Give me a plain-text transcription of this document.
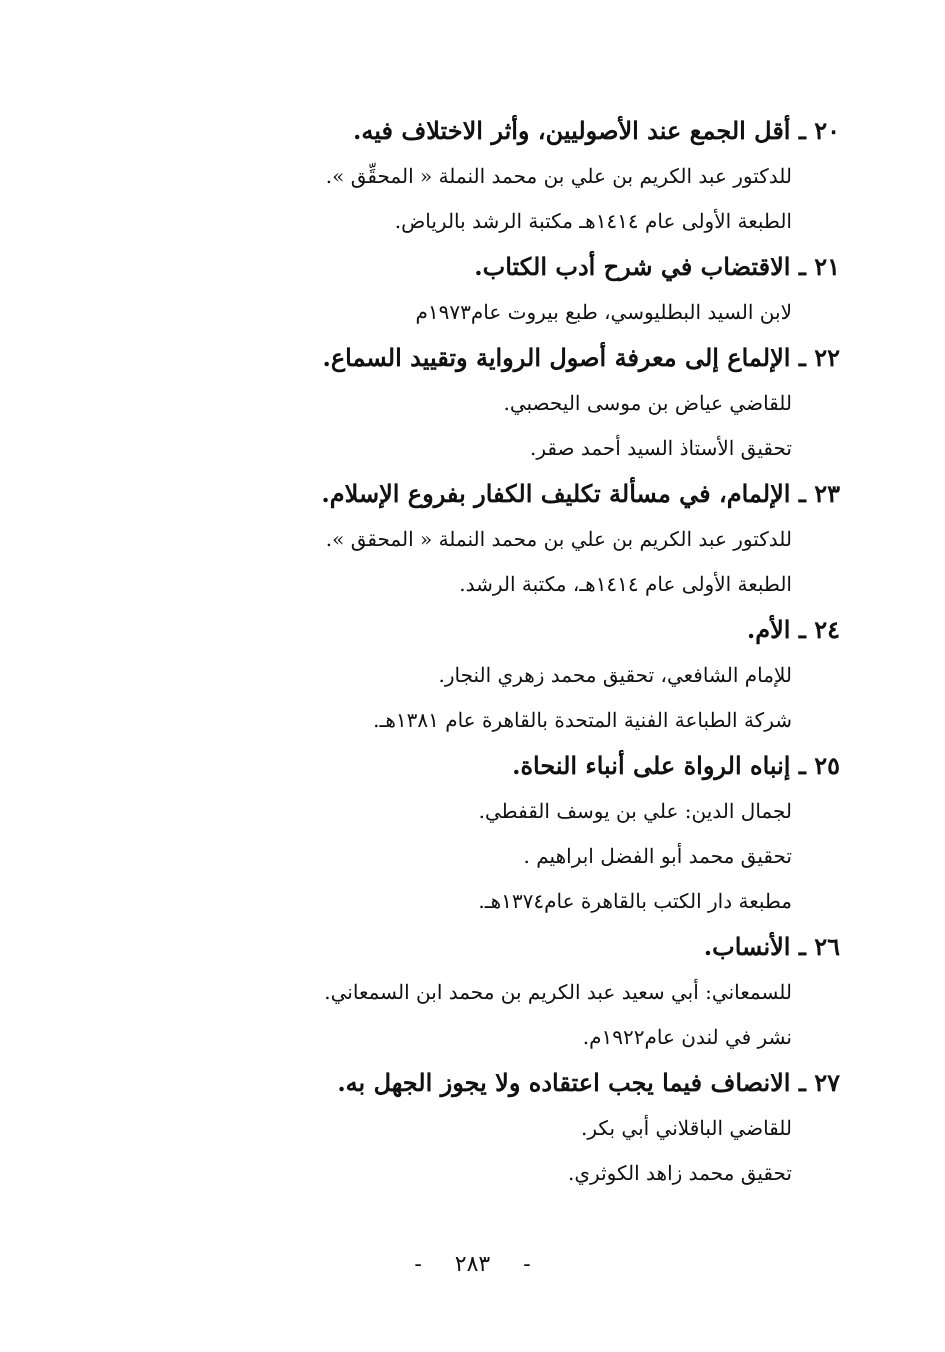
٢٠ ـ أقل الجمع عند الأصوليين، وأثر الاختلاف فيه.
للدكتور عبد الكريم بن علي بن محمد النملة « المحقِّق ».
الطبعة الأولى عام ١٤١٤هـ مكتبة الرشد بالرياض.
٢١ ـ الاقتضاب في شرح أدب الكتاب.
لابن السيد البطليوسي، طبع بيروت عام١٩٧٣م
٢٢ ـ الإلماع إلى معرفة أصول الرواية وتقييد السماع.
للقاضي عياض بن موسى اليحصبي.
تحقيق الأستاذ السيد أحمد صقر.
٢٣ ـ الإلمام، في مسألة تكليف الكفار بفروع الإسلام.
للدكتور عبد الكريم بن علي بن محمد النملة « المحقق ».
الطبعة الأولى عام ١٤١٤هـ، مكتبة الرشد.
٢٤ ـ الأم.
للإمام الشافعي، تحقيق محمد زهري النجار.
شركة الطباعة الفنية المتحدة بالقاهرة عام ١٣٨١هـ.
٢٥ ـ إنباه الرواة على أنباء النحاة.
لجمال الدين: علي بن يوسف القفطي.
تحقيق محمد أبو الفضل ابراهيم .
مطبعة دار الكتب بالقاهرة عام١٣٧٤هـ.
٢٦ ـ الأنساب.
للسمعاني: أبي سعيد عبد الكريم بن محمد ابن السمعاني.
نشر في لندن عام١٩٢٢م.
٢٧ ـ الانصاف فيما يجب اعتقاده ولا يجوز الجهل به.
للقاضي الباقلاني أبي بكر.
تحقيق محمد زاهد الكوثري.
- ٢٨٣ -
